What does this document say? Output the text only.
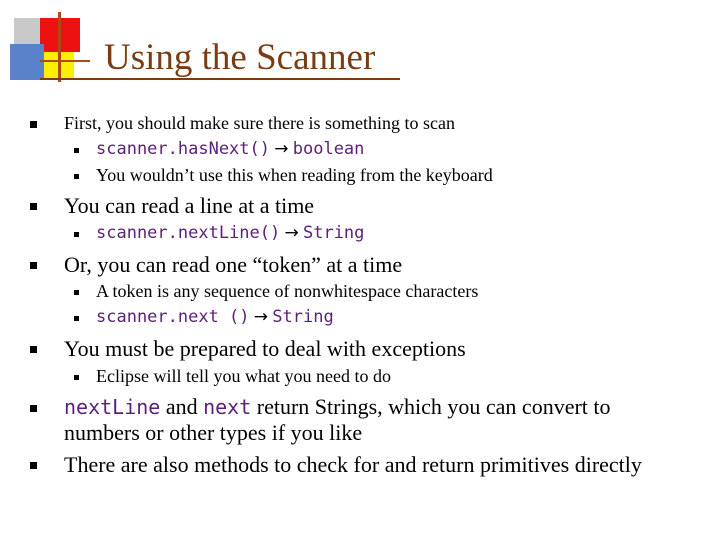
Using the Scanner
First, you should make sure there is something to scan
scanner.hasNext() → boolean
You wouldn’t use this when reading from the keyboard
You can read a line at a time
scanner.nextLine() → String
Or, you can read one “token” at a time
A token is any sequence of nonwhitespace characters
scanner.next () → String
You must be prepared to deal with exceptions
Eclipse will tell you what you need to do
nextLine and next return Strings, which you can convert to
numbers or other types if you like
There are also methods to check for and return primitives directly
